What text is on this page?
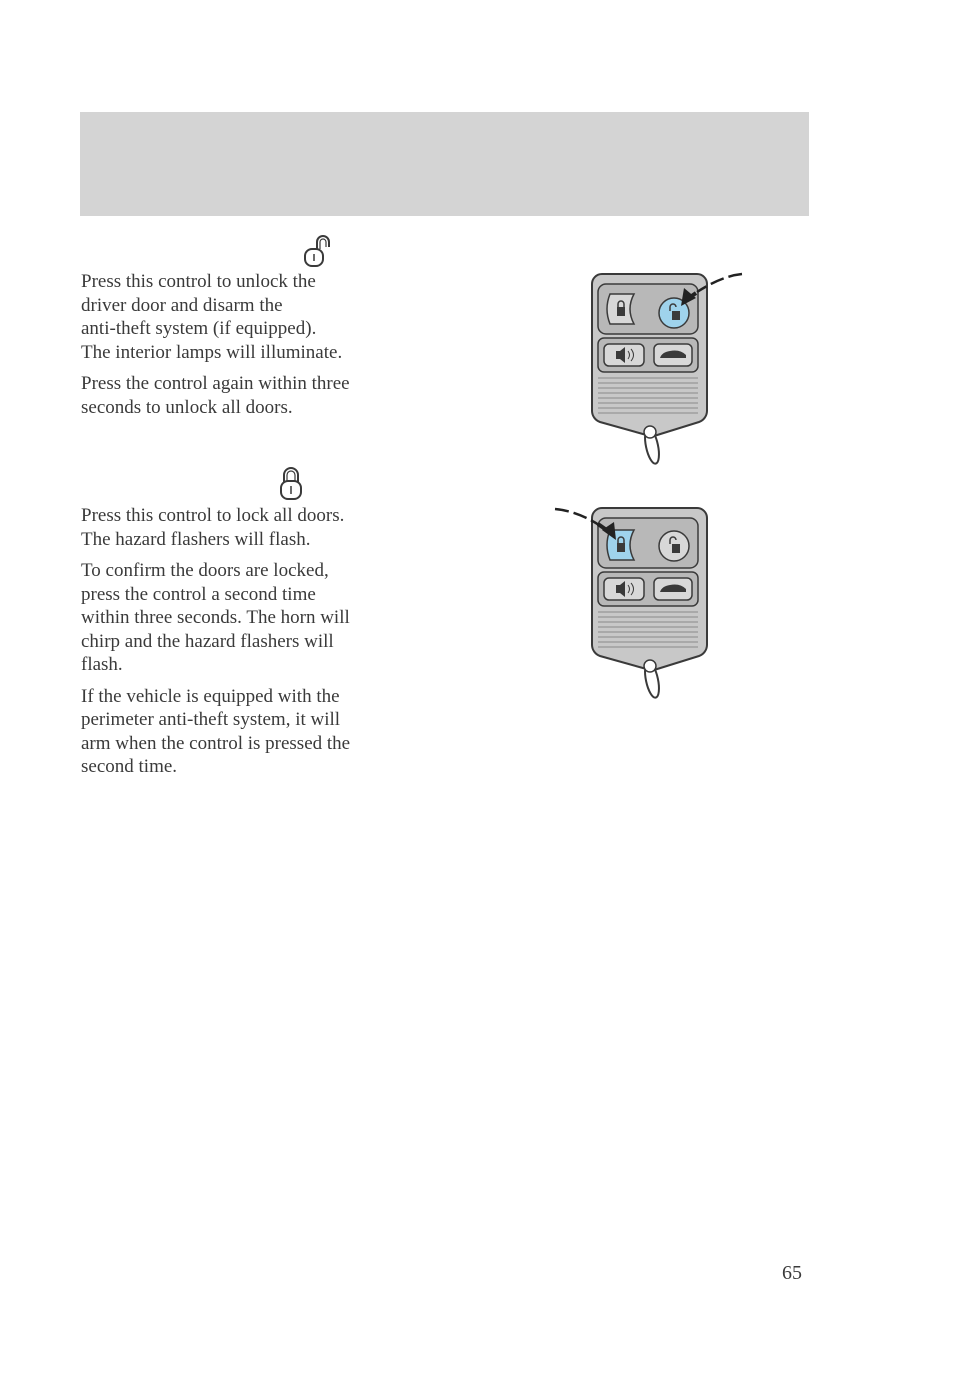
Press this control to unlock the
driver door and disarm the
anti-theft system (if equipped).
The interior lamps will illuminate.

Press the control again within three
seconds to unlock all doors.

Press this control to lock all doors.
The hazard flashers will flash.

To confirm the doors are locked,
press the control a second time
within three seconds. The horn will
chirp and the hazard flashers will
flash.

If the vehicle is equipped with the
perimeter anti-theft system, it will
arm when the control is pressed the
second time.

65
